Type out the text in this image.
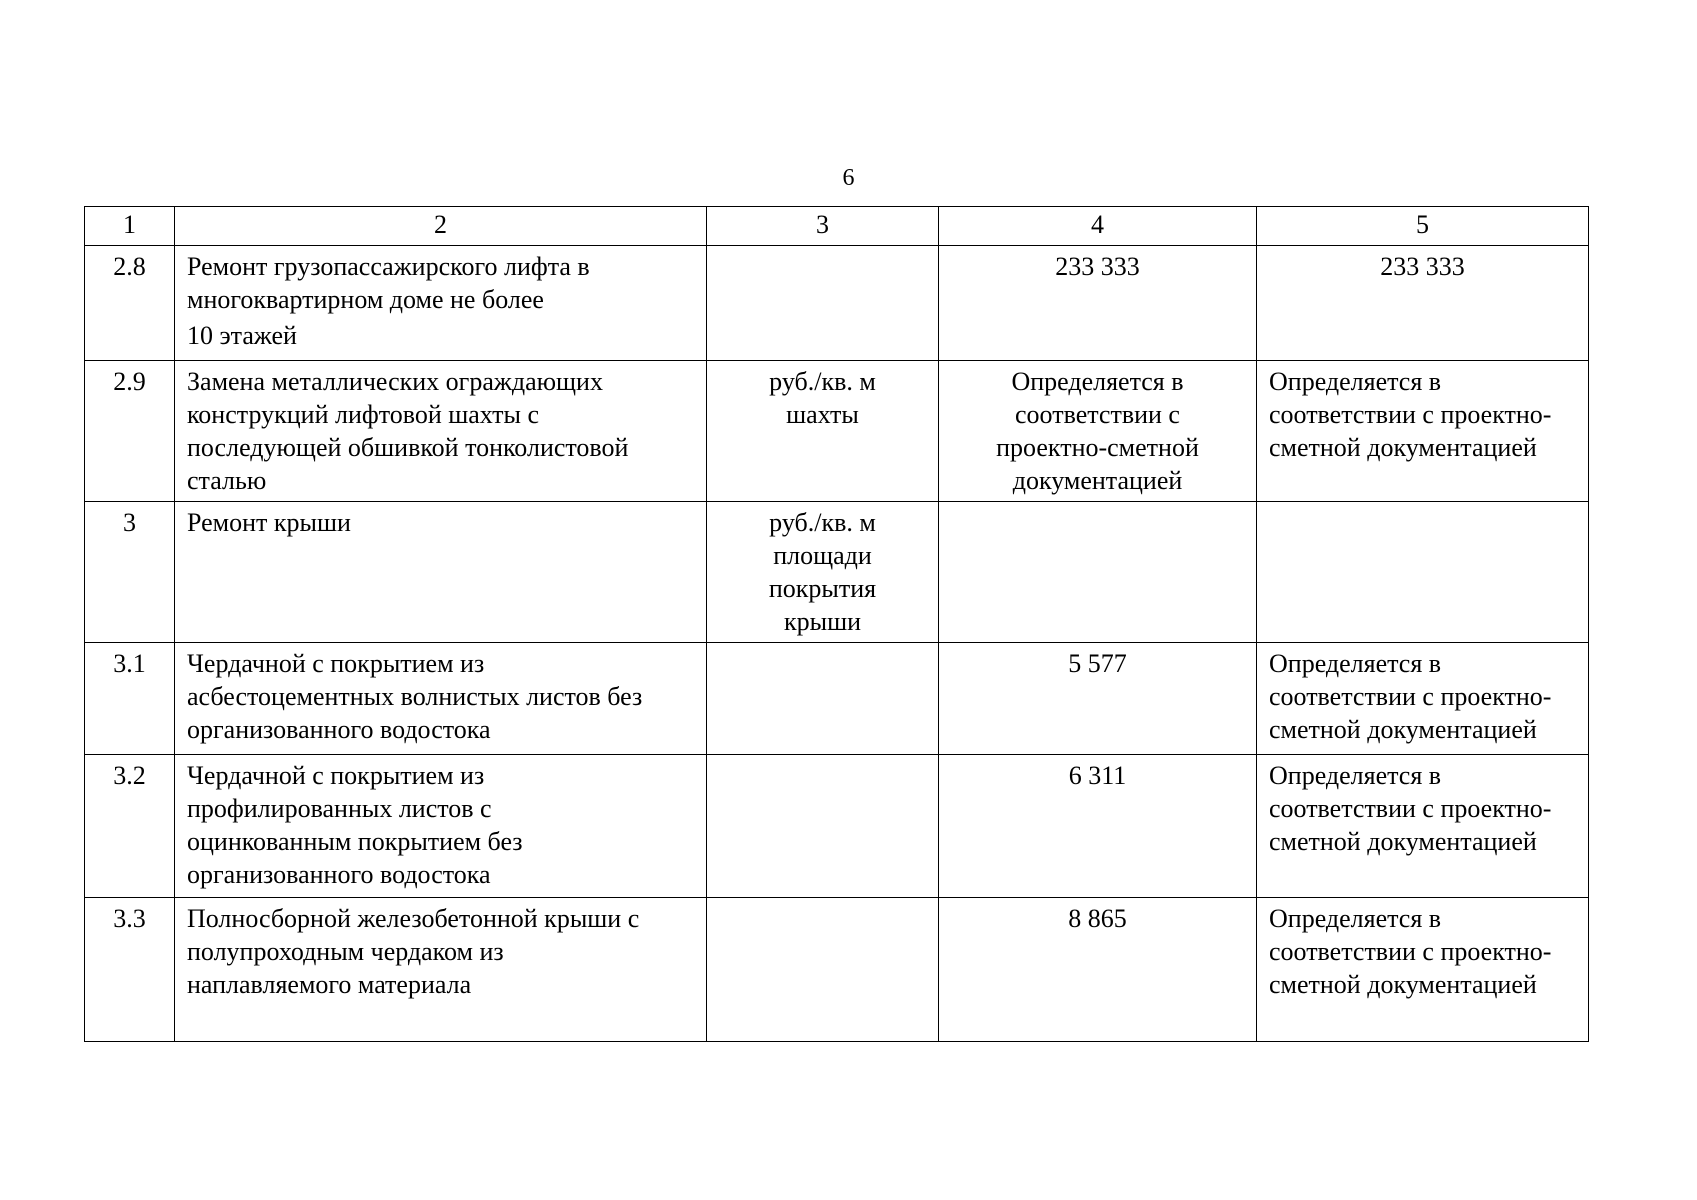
6
1	2	3	4	5
2.8	Ремонт грузопассажирского лифта в
многоквартирном доме не более
10 этажей		233 333	233 333

2.9	Замена металлических ограждающих
конструкций лифтовой шахты с
последующей обшивкой тонколистовой
сталью	руб./кв. м
шахты	Определяется в
соответствии с
проектно-сметной
документацией	Определяется в
соответствии с проектно-
сметной документацией

3	Ремонт крыши	руб./кв. м
площади
покрытия
крыши		

3.1	Чердачной с покрытием из
асбестоцементных волнистых листов без
организованного водостока		5 577	Определяется в
соответствии с проектно-
сметной документацией

3.2	Чердачной с покрытием из
профилированных листов с
оцинкованным покрытием без
организованного водостока		6 311	Определяется в
соответствии с проектно-
сметной документацией

3.3	Полносборной железобетонной крыши с
полупроходным чердаком из
наплавляемого материала		8 865	Определяется в
соответствии с проектно-
сметной документацией
